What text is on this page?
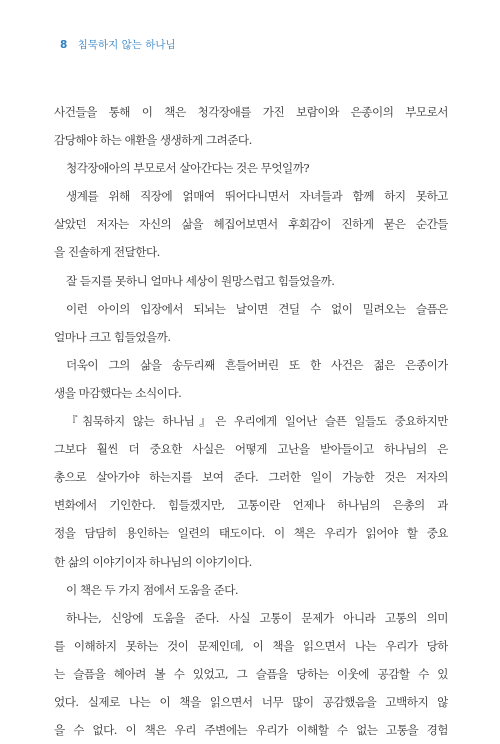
8 침묵하지 않는 하나님
사건들을 통해 이 책은 청각장애를 가진 보람이와 은종이의 부모로서
감당해야 하는 애환을 생생하게 그려준다.
청각장애아의 부모로서 살아간다는 것은 무엇일까?
생계를 위해 직장에 얽매여 뛰어다니면서 자녀들과 함께 하지 못하고
살았던 저자는 자신의 삶을 헤집어보면서 후회감이 진하게 묻은 순간들
을 진솔하게 전달한다.
잘 듣지를 못하니 얼마나 세상이 원망스럽고 힘들었을까.
이런 아이의 입장에서 되뇌는 날이면 견딜 수 없이 밀려오는 슬픔은
얼마나 크고 힘들었을까.
더욱이 그의 삶을 송두리째 흔들어버린 또 한 사건은 젊은 은종이가
생을 마감했다는 소식이다.
『침묵하지 않는 하나님』은 우리에게 일어난 슬픈 일들도 중요하지만
그보다 훨씬 더 중요한 사실은 어떻게 고난을 받아들이고 하나님의 은
총으로 살아가야 하는지를 보여 준다. 그러한 일이 가능한 것은 저자의
변화에서 기인한다. 힘들겠지만, 고통이란 언제나 하나님의 은총의 과
정을 담담히 용인하는 일련의 태도이다. 이 책은 우리가 읽어야 할 중요
한 삶의 이야기이자 하나님의 이야기이다.
이 책은 두 가지 점에서 도움을 준다.
하나는, 신앙에 도움을 준다. 사실 고통이 문제가 아니라 고통의 의미
를 이해하지 못하는 것이 문제인데, 이 책을 읽으면서 나는 우리가 당하
는 슬픔을 헤아려 볼 수 있었고, 그 슬픔을 당하는 이웃에 공감할 수 있
었다. 실제로 나는 이 책을 읽으면서 너무 많이 공감했음을 고백하지 않
을 수 없다. 이 책은 우리 주변에는 우리가 이해할 수 없는 고통을 경험
